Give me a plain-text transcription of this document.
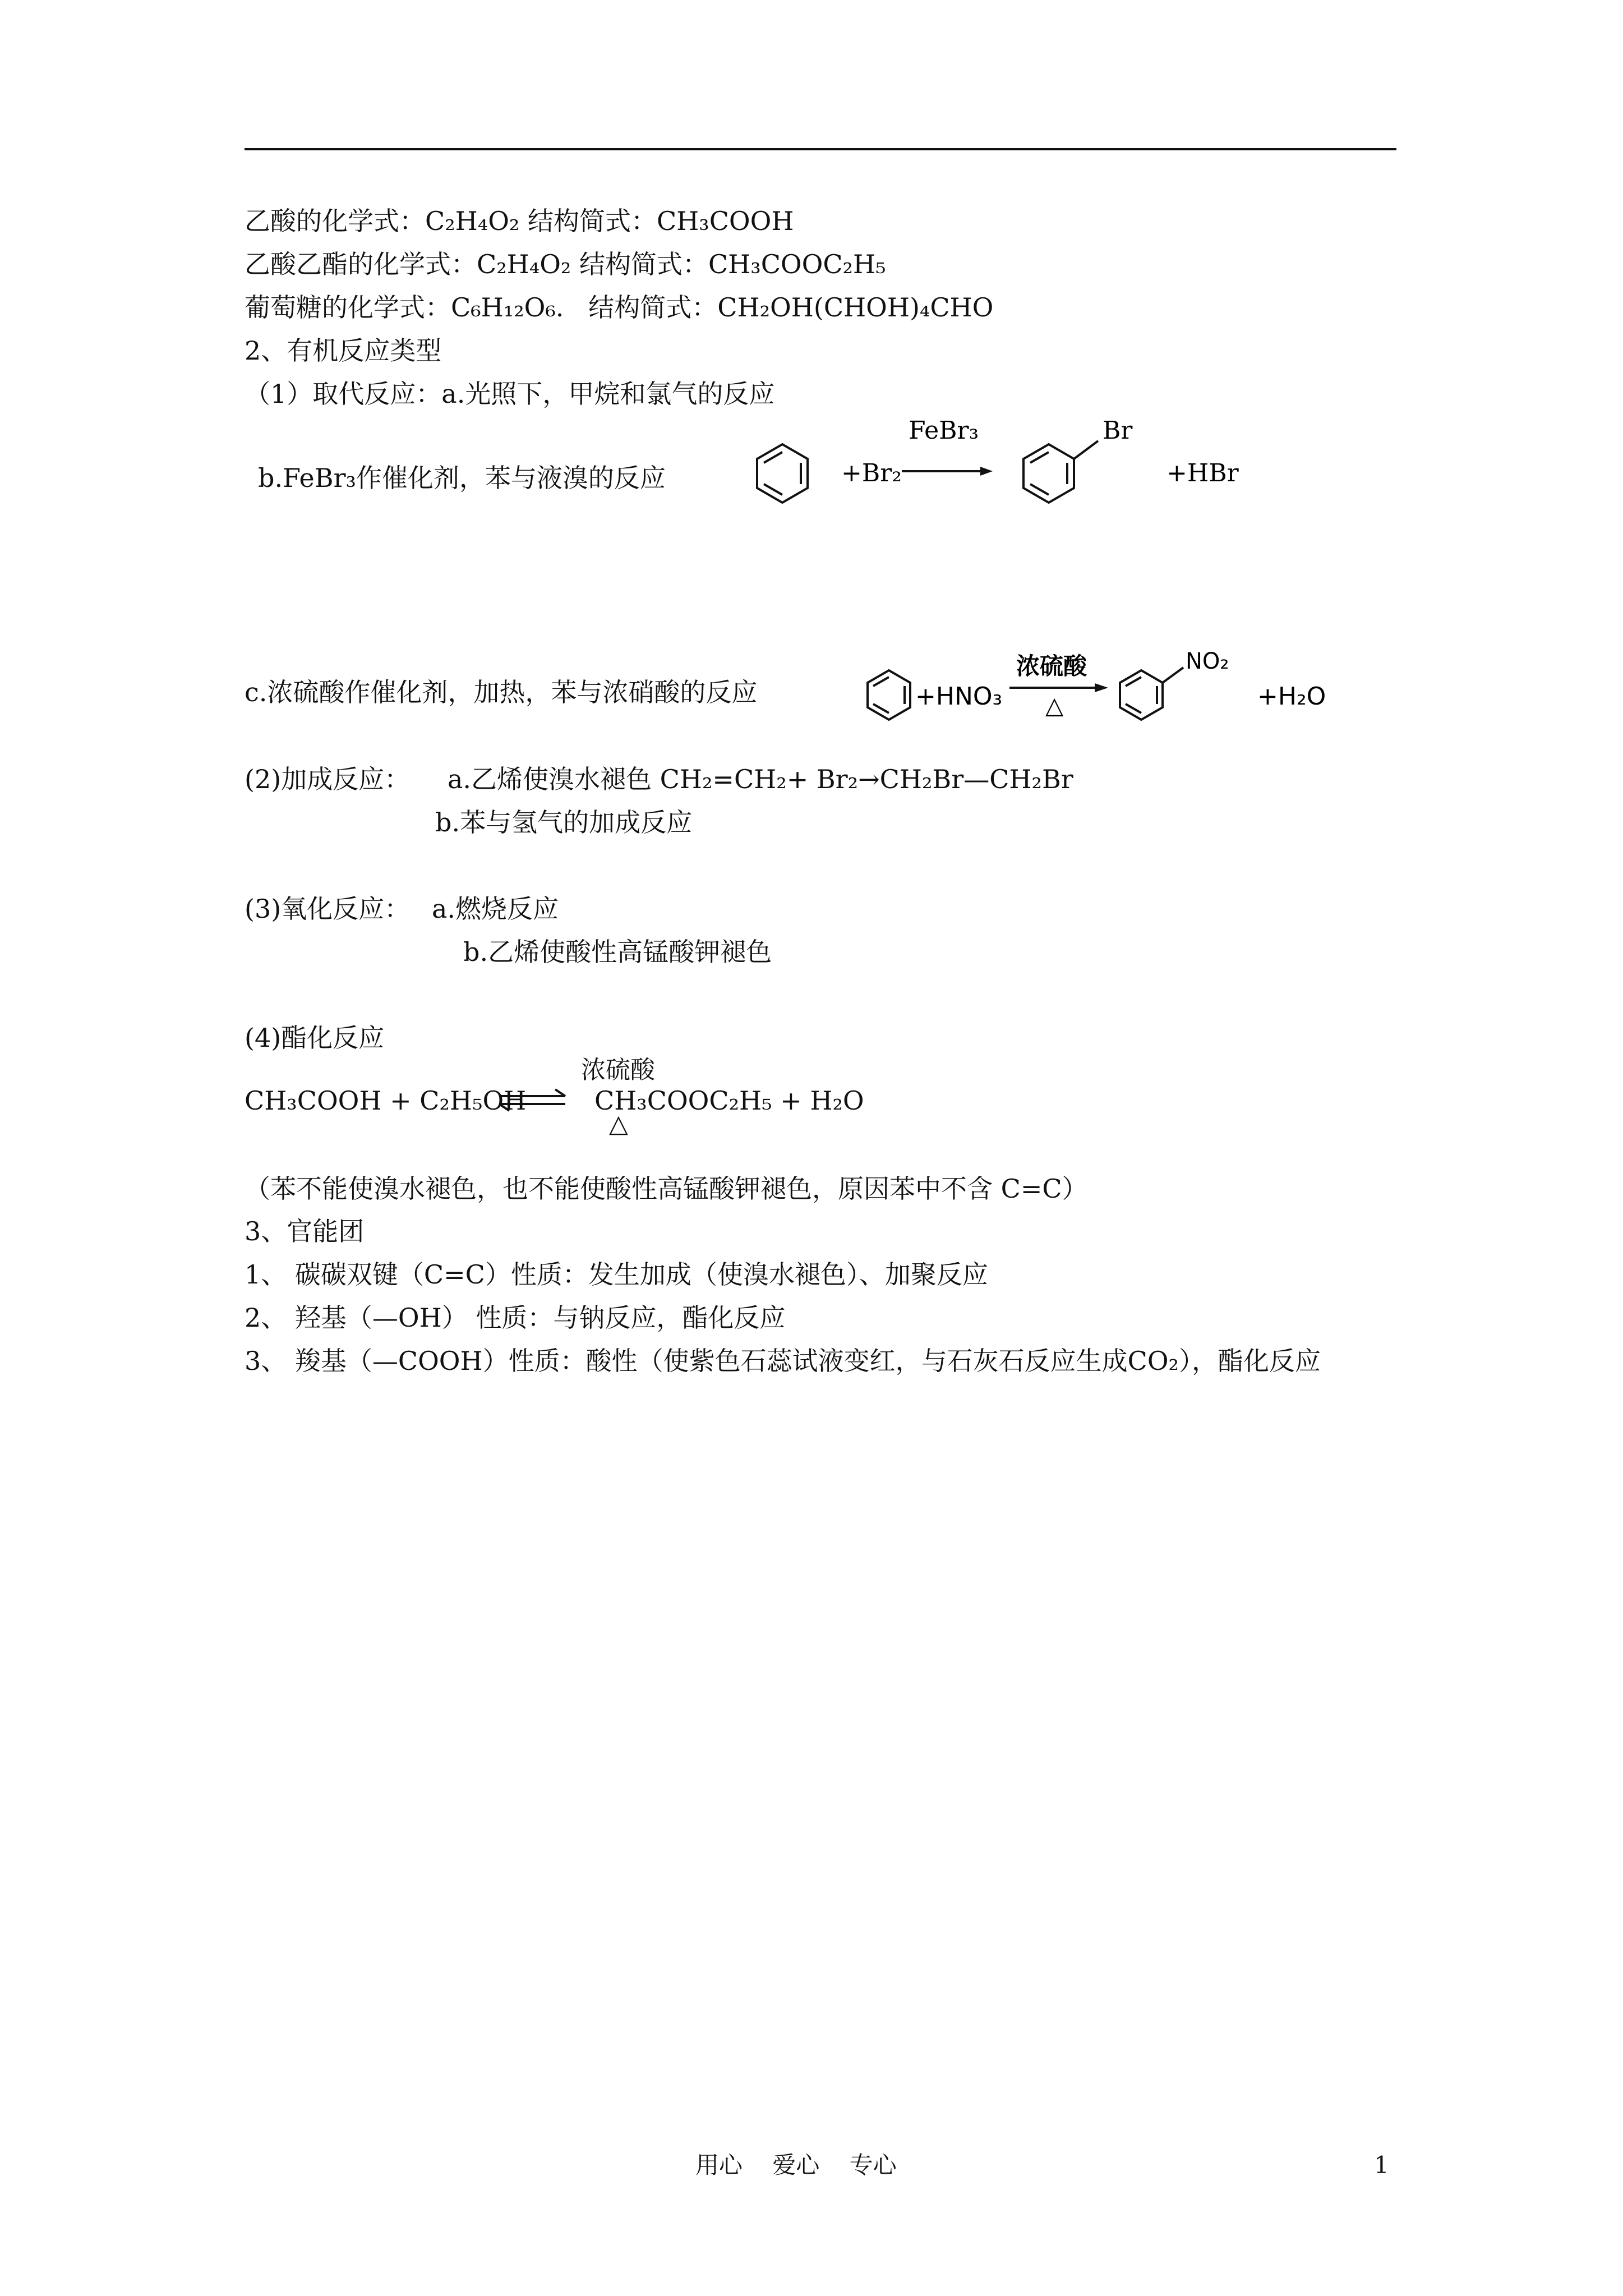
乙酸的化学式：C₂H₄O₂ 结构简式：CH₃COOH
乙酸乙酯的化学式：C₂H₄O₂ 结构简式：CH₃COOC₂H₅
葡萄糖的化学式：C₆H₁₂O₆. 结构简式：CH₂OH(CHOH)₄CHO
2、有机反应类型
（1）取代反应：a.光照下，甲烷和氯气的反应
b.FeBr₃作催化剂，苯与液溴的反应	+Br₂
FeBr₃	Br
+HBr
c.浓硫酸作催化剂，加热，苯与浓硝酸的反应	+HNO₃
浓硫酸
△
NO₂
+H₂O
(2)加成反应： a.乙烯使溴水褪色 CH₂=CH₂+ Br₂→CH₂Br—CH₂Br
b.苯与氢气的加成反应
(3)氧化反应： a.燃烧反应
b.乙烯使酸性高锰酸钾褪色
(4)酯化反应
CH₃COOH + C₂H₅OH
浓硫酸
CH₃COOC₂H₅ + H₂O
△
（苯不能使溴水褪色，也不能使酸性高锰酸钾褪色，原因苯中不含 C=C）
3、官能团
1、 碳碳双键（C=C）性质：发生加成（使溴水褪色）、加聚反应
2、 羟基（—OH） 性质：与钠反应，酯化反应
3、 羧基（—COOH）性质：酸性（使紫色石蕊试液变红，与石灰石反应生成CO₂），酯化反应
用心    爱心    专心	1
